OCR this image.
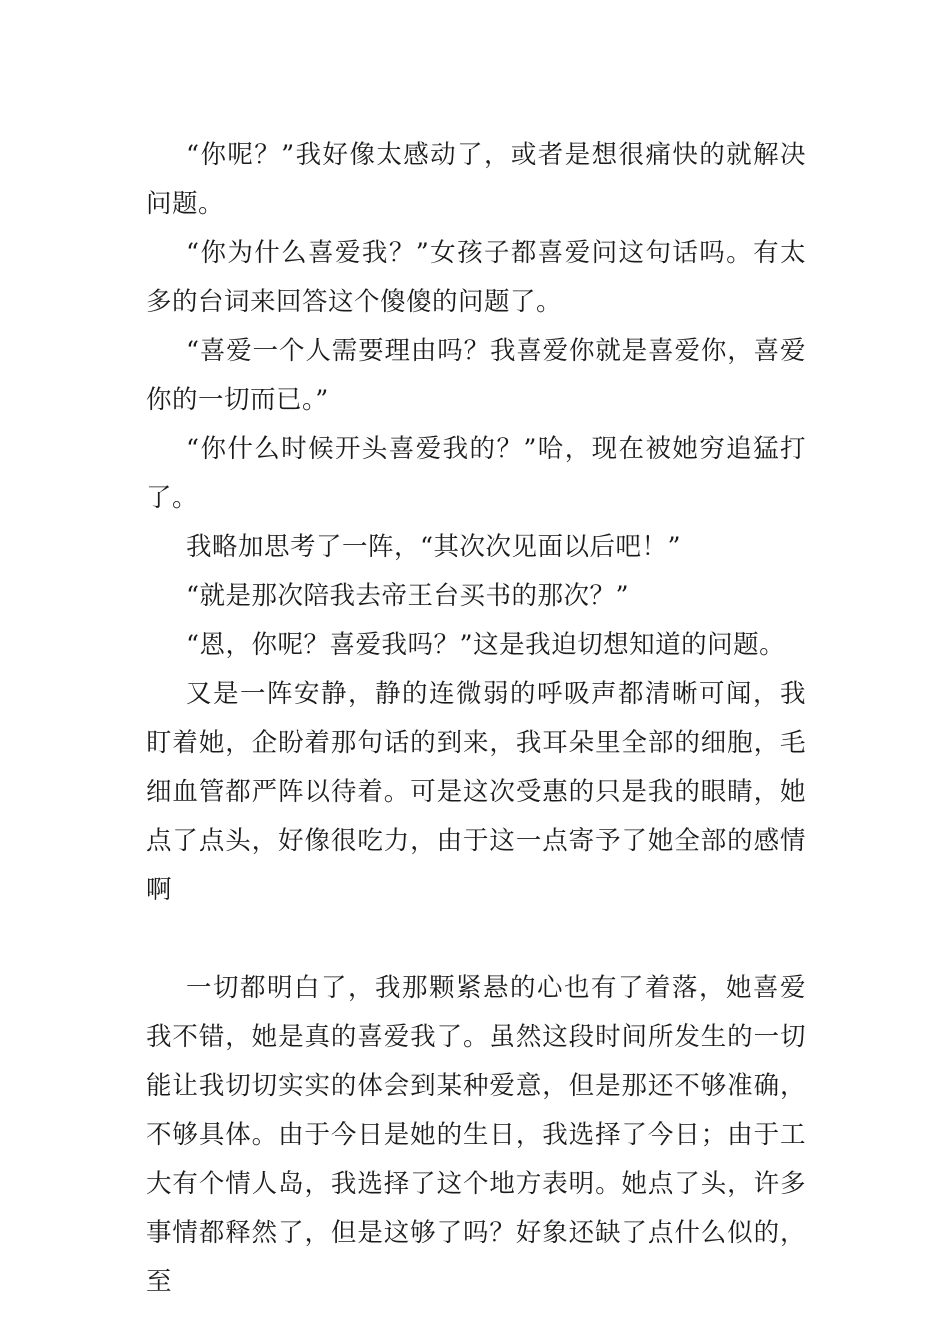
“你呢？”我好像太感动了，或者是想很痛快的就解决问题。

“你为什么喜爱我？”女孩子都喜爱问这句话吗。有太多的台词来回答这个傻傻的问题了。

“喜爱一个人需要理由吗？我喜爱你就是喜爱你，喜爱你的一切而已。”

“你什么时候开头喜爱我的？”哈，现在被她穷追猛打了。

我略加思考了一阵，“其次次见面以后吧！”

“就是那次陪我去帝王台买书的那次？”

“恩，你呢？喜爱我吗？”这是我迫切想知道的问题。

又是一阵安静，静的连微弱的呼吸声都清晰可闻，我盯着她，企盼着那句话的到来，我耳朵里全部的细胞，毛细血管都严阵以待着。可是这次受惠的只是我的眼睛，她点了点头，好像很吃力，由于这一点寄予了她全部的感情啊

一切都明白了，我那颗紧悬的心也有了着落，她喜爱我不错，她是真的喜爱我了。虽然这段时间所发生的一切能让我切切实实的体会到某种爱意，但是那还不够准确，不够具体。由于今日是她的生日，我选择了今日；由于工大有个情人岛，我选择了这个地方表明。她点了头，许多事情都释然了，但是这够了吗？好象还缺了点什么似的，至
